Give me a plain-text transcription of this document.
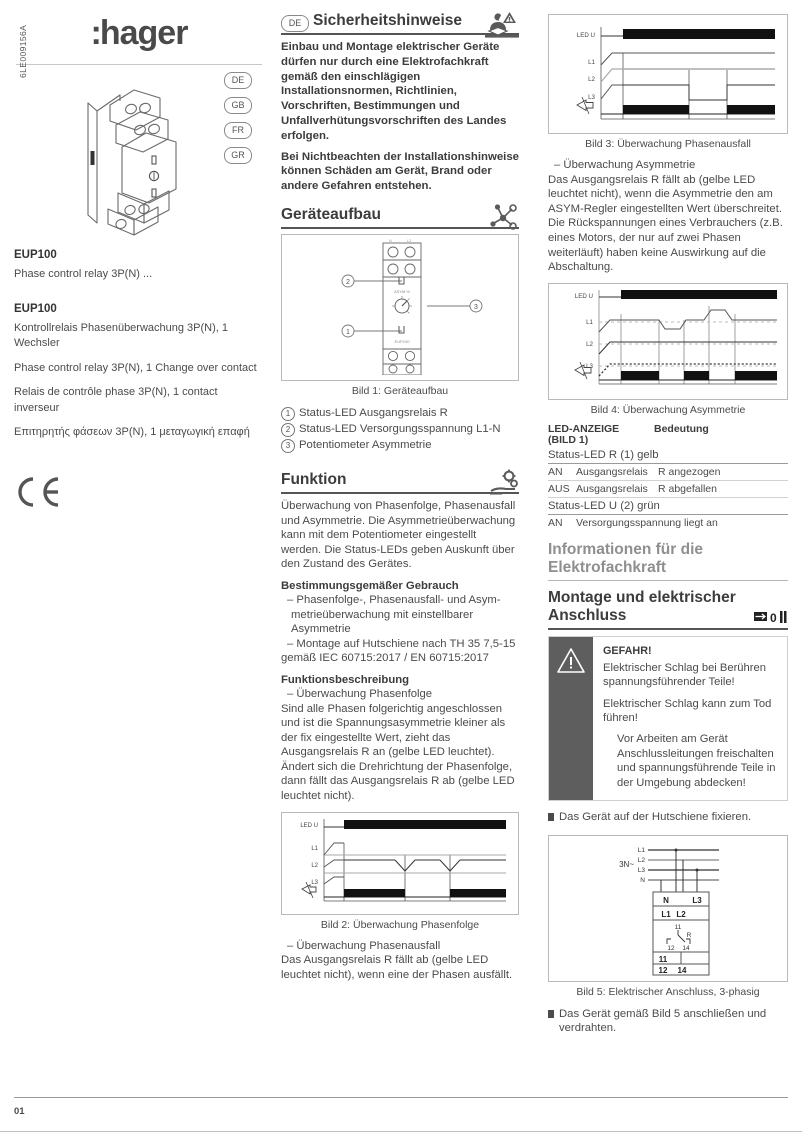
:hager
6LE009156A
DE
GB
FR
GR
EUP100
Phase control relay 3P(N) ...
EUP100
Kontrollrelais Phasenüberwachung 3P(N), 1 Wechsler
Phase control relay 3P(N), 1 Change over contact
Relais de contrôle phase 3P(N), 1 contact inverseur
Επιτηρητής φάσεων 3P(N), 1 μεταγωγική επαφή
DE Sicherheitshinweise
Einbau und Montage elektrischer Geräte dürfen nur durch eine Elektrofachkraft gemäß den einschlägigen Installationsnormen, Richtlinien, Vorschriften, Bestimmungen und Unfallverhütungsvorschriften des Landes erfolgen.
Bei Nichtbeachten der Installationshinweise können Schäden am Gerät, Brand oder andere Gefahren entstehen.
Geräteaufbau
2
1
3
ASYM %
EUP100
N	L3
Bild 1: Geräteaufbau
1 Status-LED Ausgangsrelais R
2 Status-LED Versorgungsspannung L1-N
3 Potentiometer Asymmetrie
Funktion

Überwachung von Phasenfolge, Phasenausfall und Asymmetrie. Die Asymmetrieüberwachung kann mit dem Potentiometer eingestellt werden. Die Status-LEDs geben Auskunft über den Zustand des Gerätes.

Bestimmungsgemäßer Gebrauch

– Phasenfolge-, Phasenausfall- und Asym-

metrieüberwachung mit einstellbarer

Asymmetrie

– Montage auf Hutschiene nach TH 35 7,5-15

gemäß IEC 60715:2017 / EN 60715:2017

Funktionsbeschreibung

– Überwachung Phasenfolge

Sind alle Phasen folgerichtig angeschlossen und ist die Spannungsasymmetrie kleiner als der fix eingestellte Wert, zieht das Ausgangsrelais R an (gelbe LED leuchtet). Ändert sich die Drehrichtung der Phasenfolge, dann fällt das Ausgangsrelais R ab (gelbe LED leuchtet nicht).

LED U
L1
L2
L3
Bild 2: Überwachung Phasenfolge

– Überwachung Phasenausfall

Das Ausgangsrelais R fällt ab (gelbe LED leuchtet nicht), wenn eine der Phasen ausfällt.

LED U
L1
L2
L3
Bild 3: Überwachung Phasenausfall

– Überwachung Asymmetrie

Das Ausgangsrelais R fällt ab (gelbe LED leuchtet nicht), wenn die Asymmetrie den am ASYM-Regler eingestellten Wert überschreitet. Die Rückspannungen eines Verbrauchers (z.B. eines Motors, der nur auf zwei Phasen weiterläuft) haben keine Auswirkung auf die Abschaltung.

LED U
L1
L2
L3
Bild 4: Überwachung Asymmetrie
LED-ANZEIGE	Bedeutung
(BILD 1)
Status-LED R (1) gelb		
AN	Ausgangsrelais	R angezogen
AUS	Ausgangsrelais	R abgefallen
Status-LED U (2) grün		
AN	Versorgungsspannung liegt an	
Informationen für die Elektrofachkraft
Montage und elektrischer Anschluss	0
GEFAHR!

Elektrischer Schlag bei Berühren spannungsführender Teile!

Elektrischer Schlag kann zum Tod führen!

Vor Arbeiten am Gerät Anschlussleitungen freischalten und spannungsführende Teile in der Umgebung abdecken!

Das Gerät auf der Hutschiene fixieren.
L1
L2
L3
N
3N~
N	L3
L1 L2
11
12 14
11
R
12 14
Bild 5: Elektrischer Anschluss, 3-phasig
Das Gerät gemäß Bild 5 anschließen und verdrahten.
01
